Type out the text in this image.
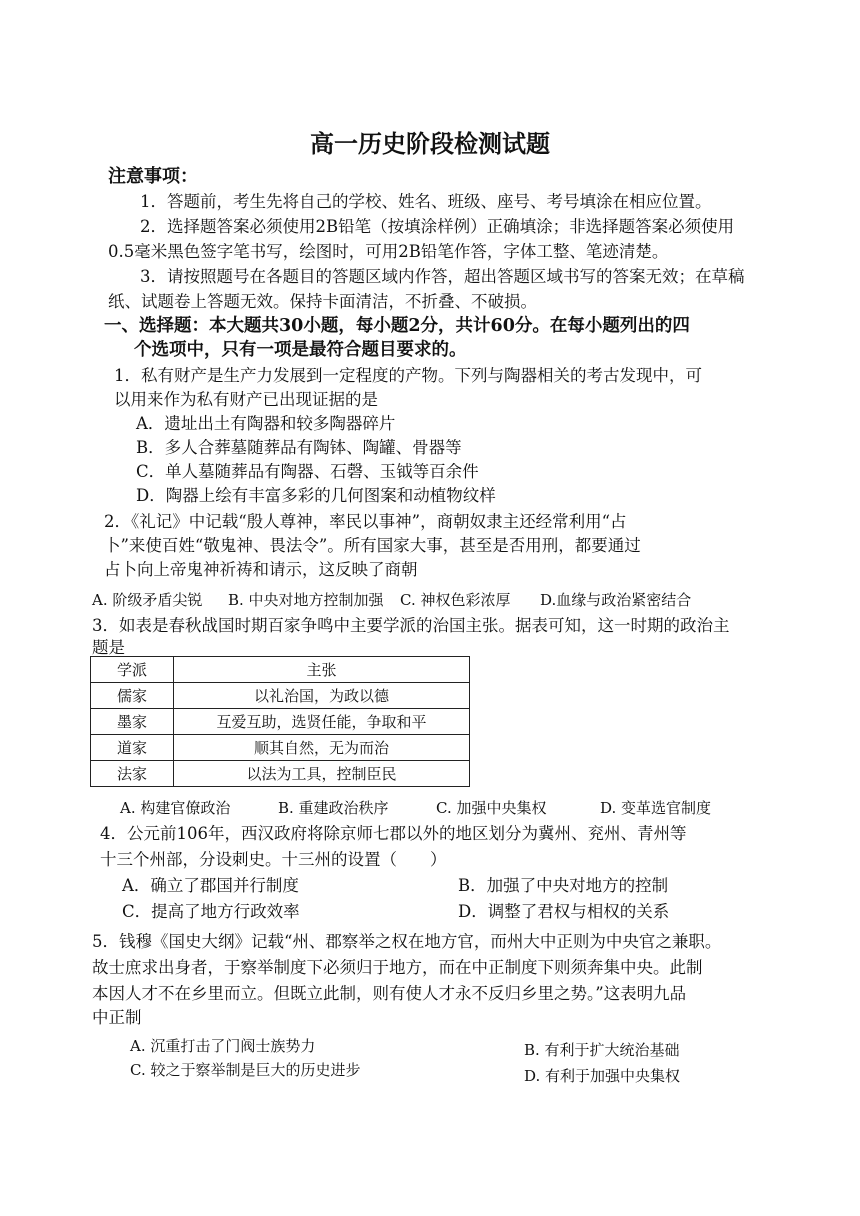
高一历史阶段检测试题
注意事项：
1．答题前，考生先将自己的学校、姓名、班级、座号、考号填涂在相应位置。
2．选择题答案必须使用2B铅笔（按填涂样例）正确填涂；非选择题答案必须使用
0.5毫米黑色签字笔书写，绘图时，可用2B铅笔作答，字体工整、笔迹清楚。
3．请按照题号在各题目的答题区域内作答，超出答题区域书写的答案无效；在草稿
纸、试题卷上答题无效。保持卡面清洁，不折叠、不破损。
一、选择题：本大题共30小题，每小题2分，共计60分。在每小题列出的四
个选项中，只有一项是最符合题目要求的。
1．私有财产是生产力发展到一定程度的产物。下列与陶器相关的考古发现中，可
以用来作为私有财产已出现证据的是
A．遗址出土有陶器和较多陶器碎片
B．多人合葬墓随葬品有陶钵、陶罐、骨器等
C．单人墓随葬品有陶器、石磬、玉钺等百余件
D．陶器上绘有丰富多彩的几何图案和动植物纹样
2．《礼记》中记载“殷人尊神，率民以事神”，商朝奴隶主还经常利用“占
卜”来使百姓“敬鬼神、畏法令”。所有国家大事，甚至是否用刑，都要通过
占卜向上帝鬼神祈祷和请示，这反映了商朝
A. 阶级矛盾尖锐 B. 中央对地方控制加强 C. 神权色彩浓厚 D.血缘与政治紧密结合
3．如表是春秋战国时期百家争鸣中主要学派的治国主张。据表可知，这一时期的政治主
题是
学派	主张
儒家	以礼治国，为政以德
墨家	互爱互助，选贤任能，争取和平
道家	顺其自然，无为而治
法家	以法为工具，控制臣民
A. 构建官僚政治	B. 重建政治秩序	C. 加强中央集权	D. 变革选官制度
4．公元前106年，西汉政府将除京师七郡以外的地区划分为冀州、兖州、青州等
十三个州部，分设刺史。十三州的设置（　　）
A．确立了郡国并行制度	B．加强了中央对地方的控制
C．提高了地方行政效率	D．调整了君权与相权的关系
5．钱穆《国史大纲》记载“州、郡察举之权在地方官，而州大中正则为中央官之兼职。
故士庶求出身者，于察举制度下必须归于地方，而在中正制度下则须奔集中央。此制
本因人才不在乡里而立。但既立此制，则有使人才永不反归乡里之势。”这表明九品
中正制
A. 沉重打击了门阀士族势力	B. 有利于扩大统治基础
C. 较之于察举制是巨大的历史进步	D. 有利于加强中央集权
